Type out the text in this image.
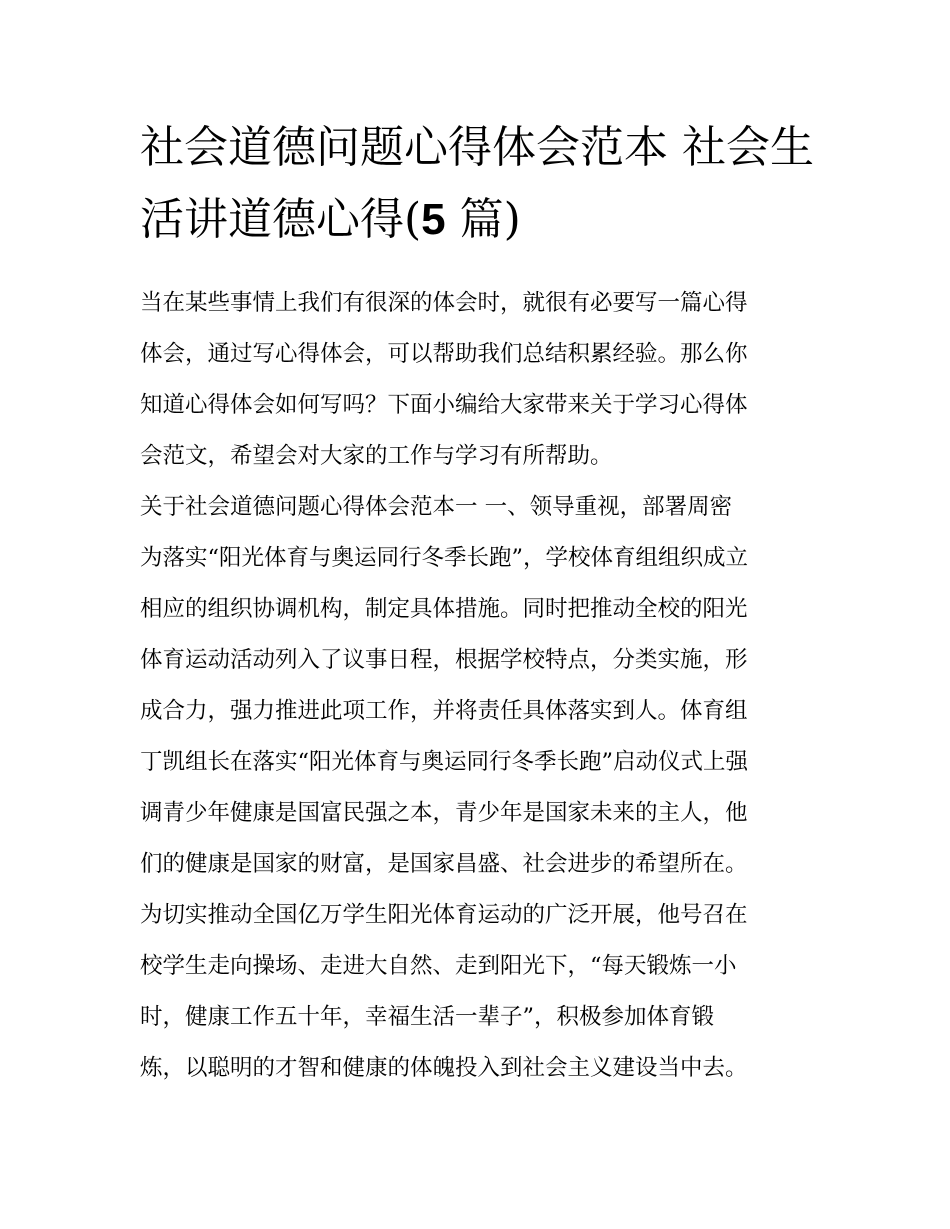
社会道德问题心得体会范本 社会生活讲道德心得(5 篇)

当在某些事情上我们有很深的体会时，就很有必要写一篇心得
体会，通过写心得体会，可以帮助我们总结积累经验。那么你
知道心得体会如何写吗？下面小编给大家带来关于学习心得体
会范文，希望会对大家的工作与学习有所帮助。

关于社会道德问题心得体会范本一 一、领导重视，部署周密
为落实“阳光体育与奥运同行冬季长跑”，学校体育组组织成立
相应的组织协调机构，制定具体措施。同时把推动全校的阳光
体育运动活动列入了议事日程，根据学校特点，分类实施，形
成合力，强力推进此项工作，并将责任具体落实到人。体育组
丁凯组长在落实“阳光体育与奥运同行冬季长跑”启动仪式上强
调青少年健康是国富民强之本，青少年是国家未来的主人，他
们的健康是国家的财富，是国家昌盛、社会进步的希望所在。
为切实推动全国亿万学生阳光体育运动的广泛开展，他号召在
校学生走向操场、走进大自然、走到阳光下，“每天锻炼一小
时，健康工作五十年，幸福生活一辈子”，积极参加体育锻
炼，以聪明的才智和健康的体魄投入到社会主义建设当中去。
